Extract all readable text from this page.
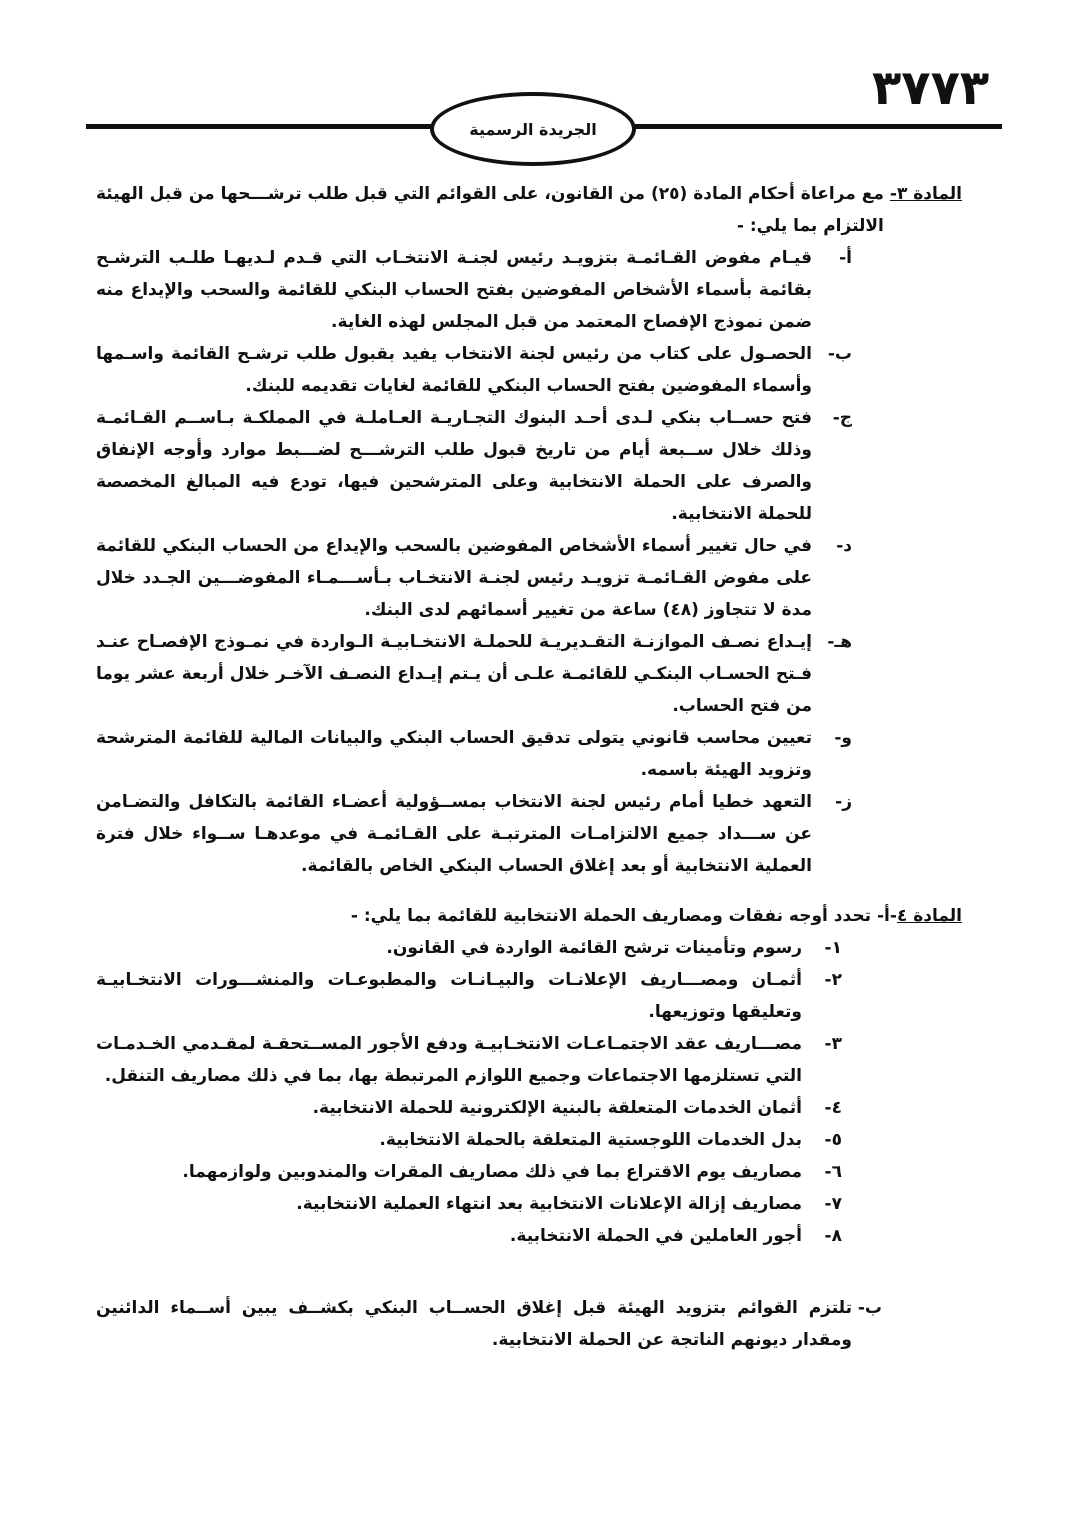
٣٧٧٣
الجريدة الرسمية
المادة ٣-
مع مراعاة أحكام المادة (٢٥) من القانون، على القوائم التي قبل طلب ترشـــحها من قبل الهيئة الالتزام بما يلي: -
أ-
قيـام مفوض القـائمـة بتزويـد رئيس لجنـة الانتخـاب التي قـدم لـديهـا طلـب الترشـح بقائمة بأسماء الأشخاص المفوضين بفتح الحساب البنكي للقائمة والسحب والإيداع منه ضمن نموذج الإفصاح المعتمد من قبل المجلس لهذه الغاية.
ب-
الحصـول على كتاب من رئيس لجنة الانتخاب يفيد بقبول طلب ترشـح القائمة واسـمها وأسماء المفوضين بفتح الحساب البنكي للقائمة لغايات تقديمه للبنك.
ج-
فتح حســاب بنكي لـدى أحـد البنوك التجـاريـة العـاملـة في المملكـة بـاســم القـائمـة وذلك خلال ســبعة أيام من تاريخ قبول طلب الترشـــح لضـــبط موارد وأوجه الإنفاق والصرف على الحملة الانتخابية وعلى المترشحين فيها، تودع فيه المبالغ المخصصة للحملة الانتخابية.
د-
في حال تغيير أسماء الأشخاص المفوضين بالسحب والإيداع من الحساب البنكي للقائمة على مفوض القـائمـة تزويـد رئيس لجنـة الانتخـاب بـأســـمـاء المفوضـــين الجـدد خلال مدة لا تتجاوز (٤٨) ساعة من تغيير أسمائهم لدى البنك.
هـ-
إيـداع نصـف الموازنـة التقـديريـة للحملـة الانتخـابيـة الـواردة في نمـوذج الإفصـاح عنـد فـتح الحسـاب البنكـي للقائمـة علـى أن يـتم إيـداع النصـف الآخـر خلال أربعة عشر يوما من فتح الحساب.
و-
تعيين محاسب قانوني يتولى تدقيق الحساب البنكي والبيانات المالية للقائمة المترشحة وتزويد الهيئة باسمه.
ز-
التعهد خطيا أمام رئيس لجنة الانتخاب بمســؤولية أعضـاء القائمة بالتكافل والتضـامن عن ســـداد جميع الالتزامـات المترتبـة على القـائمـة في موعدهـا ســواء خلال فترة العملية الانتخابية أو بعد إغلاق الحساب البنكي الخاص بالقائمة.
المادة ٤-أ-
تحدد أوجه نفقات ومصاريف الحملة الانتخابية للقائمة بما يلي: -
١-
رسوم وتأمينات ترشح القائمة الواردة في القانون.
٢-
أثمـان ومصـــاريف الإعلانـات والبيـانـات والمطبوعـات والمنشـــورات الانتخـابيـة وتعليقها وتوزيعها.
٣-
مصـــاريف عقد الاجتمـاعـات الانتخـابيـة ودفع الأجور المســتحقـة لمقـدمي الخـدمـات التي تستلزمها الاجتماعات وجميع اللوازم المرتبطة بها، بما في ذلك مصاريف التنقل.
٤-
أثمان الخدمات المتعلقة بالبنية الإلكترونية للحملة الانتخابية.
٥-
بدل الخدمات اللوجستية المتعلقة بالحملة الانتخابية.
٦-
مصاريف يوم الاقتراع بما في ذلك مصاريف المقرات والمندوبين ولوازمهما.
٧-
مصاريف إزالة الإعلانات الانتخابية بعد انتهاء العملية الانتخابية.
٨-
أجور العاملين في الحملة الانتخابية.
ب-
تلتزم القوائم بتزويد الهيئة قبل إغلاق الحســاب البنكي بكشــف يبين أســماء الدائنين ومقدار ديونهم الناتجة عن الحملة الانتخابية.
